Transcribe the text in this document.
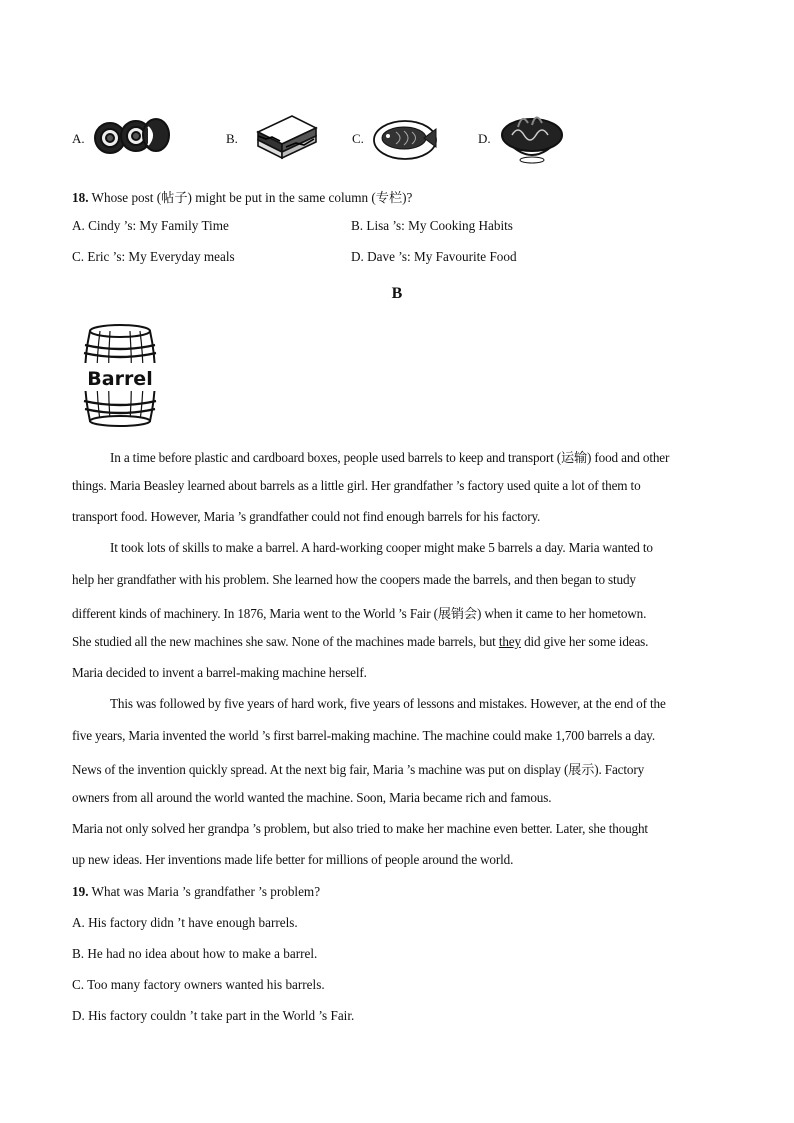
A.	B.	C.	D.
18. Whose post (帖子) might be put in the same column (专栏)?
A. Cindy ’s: My Family Time	B. Lisa ’s: My Cooking Habits
C. Eric ’s: My Everyday meals	D. Dave ’s: My Favourite Food
B
Barrel
In a time before plastic and cardboard boxes, people used barrels to keep and transport (运输) food and other
things. Maria Beasley learned about barrels as a little girl. Her grandfather ’s factory used quite a lot of them to
transport food. However, Maria ’s grandfather could not find enough barrels for his factory.
It took lots of skills to make a barrel. A hard-working cooper might make 5 barrels a day. Maria wanted to
help her grandfather with his problem. She learned how the coopers made the barrels, and then began to study
different kinds of machinery. In 1876, Maria went to the World ’s Fair (展销会) when it came to her hometown.
She studied all the new machines she saw. None of the machines made barrels, but they did give her some ideas.
Maria decided to invent a barrel-making machine herself.
This was followed by five years of hard work, five years of lessons and mistakes. However, at the end of the
five years, Maria invented the world ’s first barrel-making machine. The machine could make 1,700 barrels a day.
News of the invention quickly spread. At the next big fair, Maria ’s machine was put on display (展示). Factory
owners from all around the world wanted the machine. Soon, Maria became rich and famous.
Maria not only solved her grandpa ’s problem, but also tried to make her machine even better. Later, she thought
up new ideas. Her inventions made life better for millions of people around the world.
19. What was Maria ’s grandfather ’s problem?
A. His factory didn ’t have enough barrels.
B. He had no idea about how to make a barrel.
C. Too many factory owners wanted his barrels.
D. His factory couldn ’t take part in the World ’s Fair.
